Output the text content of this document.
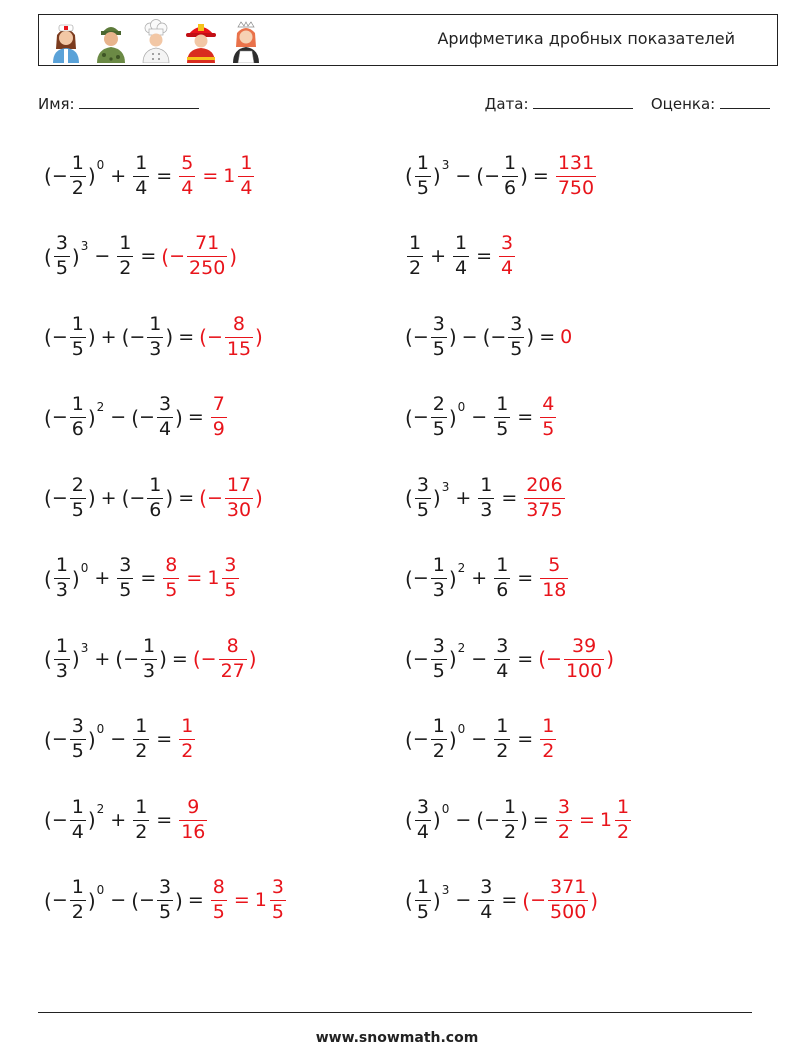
Арифметика дробных показателей
Имя:	Дата:	Оценка:
( − $\frac{1}{2}$ ) $0 + \frac{1}{4} = \frac{5}{4} = 1 \frac{1}{4}$	( $\frac{1}{5}$ ) 3 − ( − $\frac{1}{6}$ ) = $\frac{131}{750}$
( $\frac{3}{5}$ ) $3 - \frac{1}{2}$ = ( − $\frac{71}{250}$ )	$\frac{1}{2} + \frac{1}{4} = \frac{3}{4}$
( − $\frac{1}{5}$ ) + ( − $\frac{1}{3}$ ) = ( − $\frac{8}{15}$ )	( − $\frac{3}{5}$ ) − ( − $\frac{3}{5}$ ) = 0
( − $\frac{1}{6}$ ) 2 − ( − $\frac{3}{4}$ ) = $\frac{7}{9}$	( − $\frac{2}{5}$ ) $0 - \frac{1}{5} = \frac{4}{5}$
( − $\frac{2}{5}$ ) + ( − $\frac{1}{6}$ ) = ( − $\frac{17}{30}$ )	( $\frac{3}{5}$ ) $3 + \frac{1}{3} = \frac{206}{375}$
( $\frac{1}{3}$ ) $0 + \frac{3}{5} = \frac{8}{5} = 1 \frac{3}{5}$	( − $\frac{1}{3}$ ) $2 + \frac{1}{6} = \frac{5}{18}$
( $\frac{1}{3}$ ) 3 + ( − $\frac{1}{3}$ ) = ( − $\frac{8}{27}$ )	( − $\frac{3}{5}$ ) $2 - \frac{3}{4}$ = ( − $\frac{39}{100}$ )
( − $\frac{3}{5}$ ) $0 - \frac{1}{2} = \frac{1}{2}$	( − $\frac{1}{2}$ ) $0 - \frac{1}{2} = \frac{1}{2}$
( − $\frac{1}{4}$ ) $2 + \frac{1}{2} = \frac{9}{16}$	( $\frac{3}{4}$ ) 0 − ( − $\frac{1}{2}$ ) = $\frac{3}{2} = 1 \frac{1}{2}$
( − $\frac{1}{2}$ ) 0 − ( − $\frac{3}{5}$ ) = $\frac{8}{5} = 1 \frac{3}{5}$	( $\frac{1}{5}$ ) $3 - \frac{3}{4}$ = ( − $\frac{371}{500}$ )
www.snowmath.com
